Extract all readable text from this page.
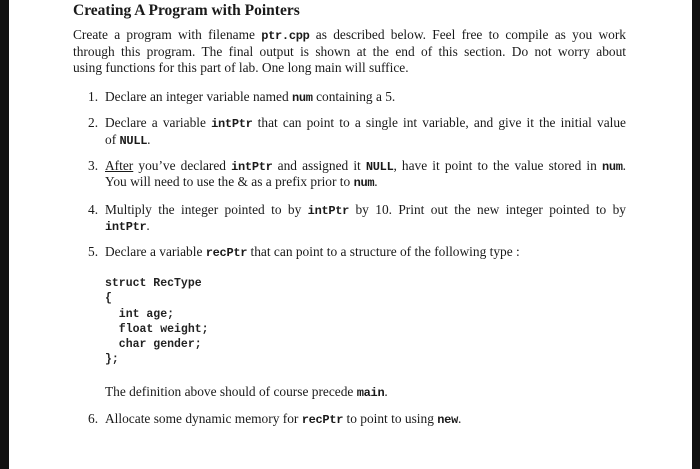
Creating A Program with Pointers
Create a program with filename ptr.cpp as described below. Feel free to compile as you work
through this program. The final output is shown at the end of this section. Do not worry about
using functions for this part of lab. One long main will suffice.
1. Declare an integer variable named num containing a 5.
2. Declare a variable intPtr that can point to a single int variable, and give it the initial value
of NULL.
3. After you’ve declared intPtr and assigned it NULL, have it point to the value stored in num.
You will need to use the & as a prefix prior to num.
4. Multiply the integer pointed to by intPtr by 10. Print out the new integer pointed to by
intPtr.
5. Declare a variable recPtr that can point to a structure of the following type :
6. Allocate some dynamic memory for recPtr to point to using new.
struct RecType
{
int age;
float weight;
char gender;
};
The definition above should of course precede main.
